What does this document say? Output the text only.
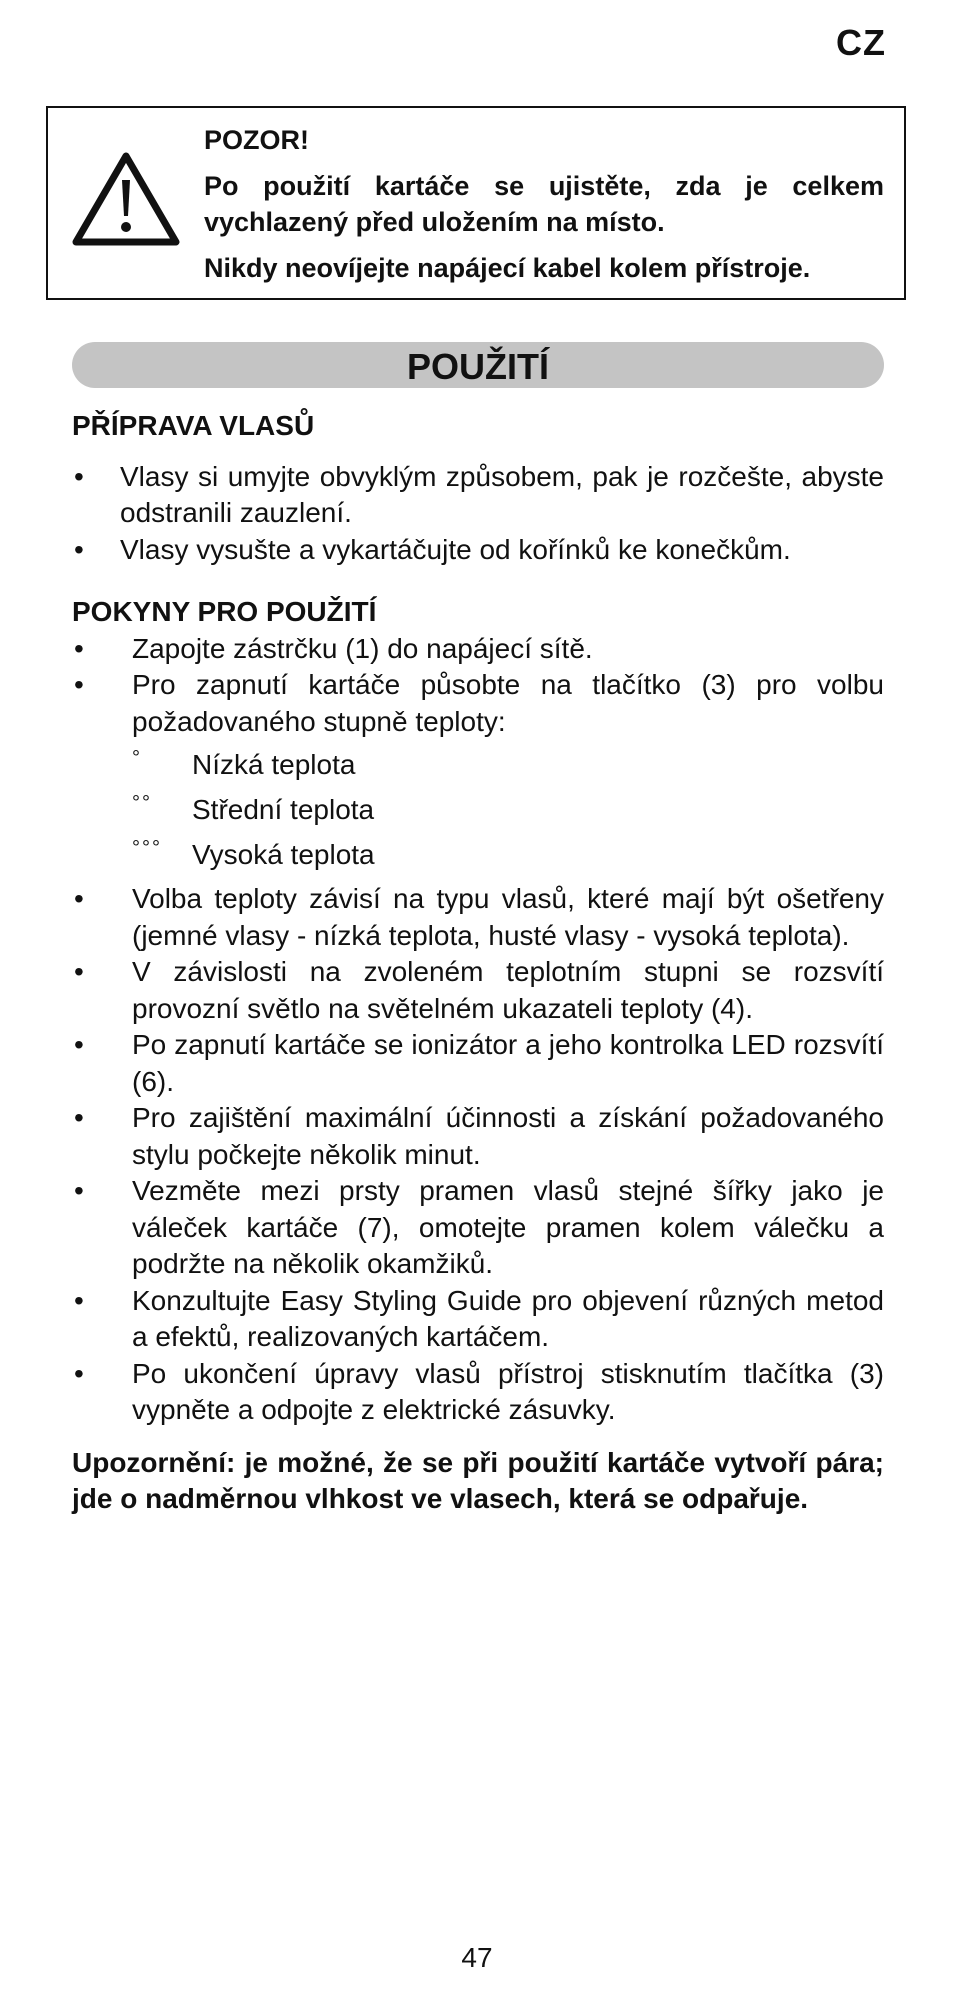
CZ
POZOR!
Po použití kartáče se ujistěte, zda je celkem
vychlazený před uložením na místo.
Nikdy neovíjejte napájecí kabel kolem přístroje.
POUŽITÍ
PŘÍPRAVA VLASŮ
• Vlasy si umyjte obvyklým způsobem, pak je rozčešte, abyste odstranili zauzlení.
• Vlasy vysušte a vykartáčujte od kořínků ke konečkům.
POKYNY PRO POUŽITÍ
• Zapojte zástrčku (1) do napájecí sítě.
• Pro zapnutí kartáče působte na tlačítko (3) pro volbu požadovaného stupně teploty:
° Nízká teplota
°° Střední teplota
°°° Vysoká teplota
• Volba teploty závisí na typu vlasů, které mají být ošetřeny (jemné vlasy - nízká teplota, husté vlasy - vysoká teplota).
• V závislosti na zvoleném teplotním stupni se rozsvítí provozní světlo na světelném ukazateli teploty (4).
• Po zapnutí kartáče se ionizátor a jeho kontrolka LED rozsvítí (6).
• Pro zajištění maximální účinnosti a získání požadovaného stylu počkejte několik minut.
• Vezměte mezi prsty pramen vlasů stejné šířky jako je váleček kartáče (7), omotejte pramen kolem válečku a podržte na několik okamžiků.
• Konzultujte Easy Styling Guide pro objevení různých metod a efektů, realizovaných kartáčem.
• Po ukončení úpravy vlasů přístroj stisknutím tlačítka (3) vypněte a odpojte z elektrické zásuvky.
Upozornění: je možné, že se při použití kartáče vytvoří pára; jde o nadměrnou vlhkost ve vlasech, která se odpařuje.
47
